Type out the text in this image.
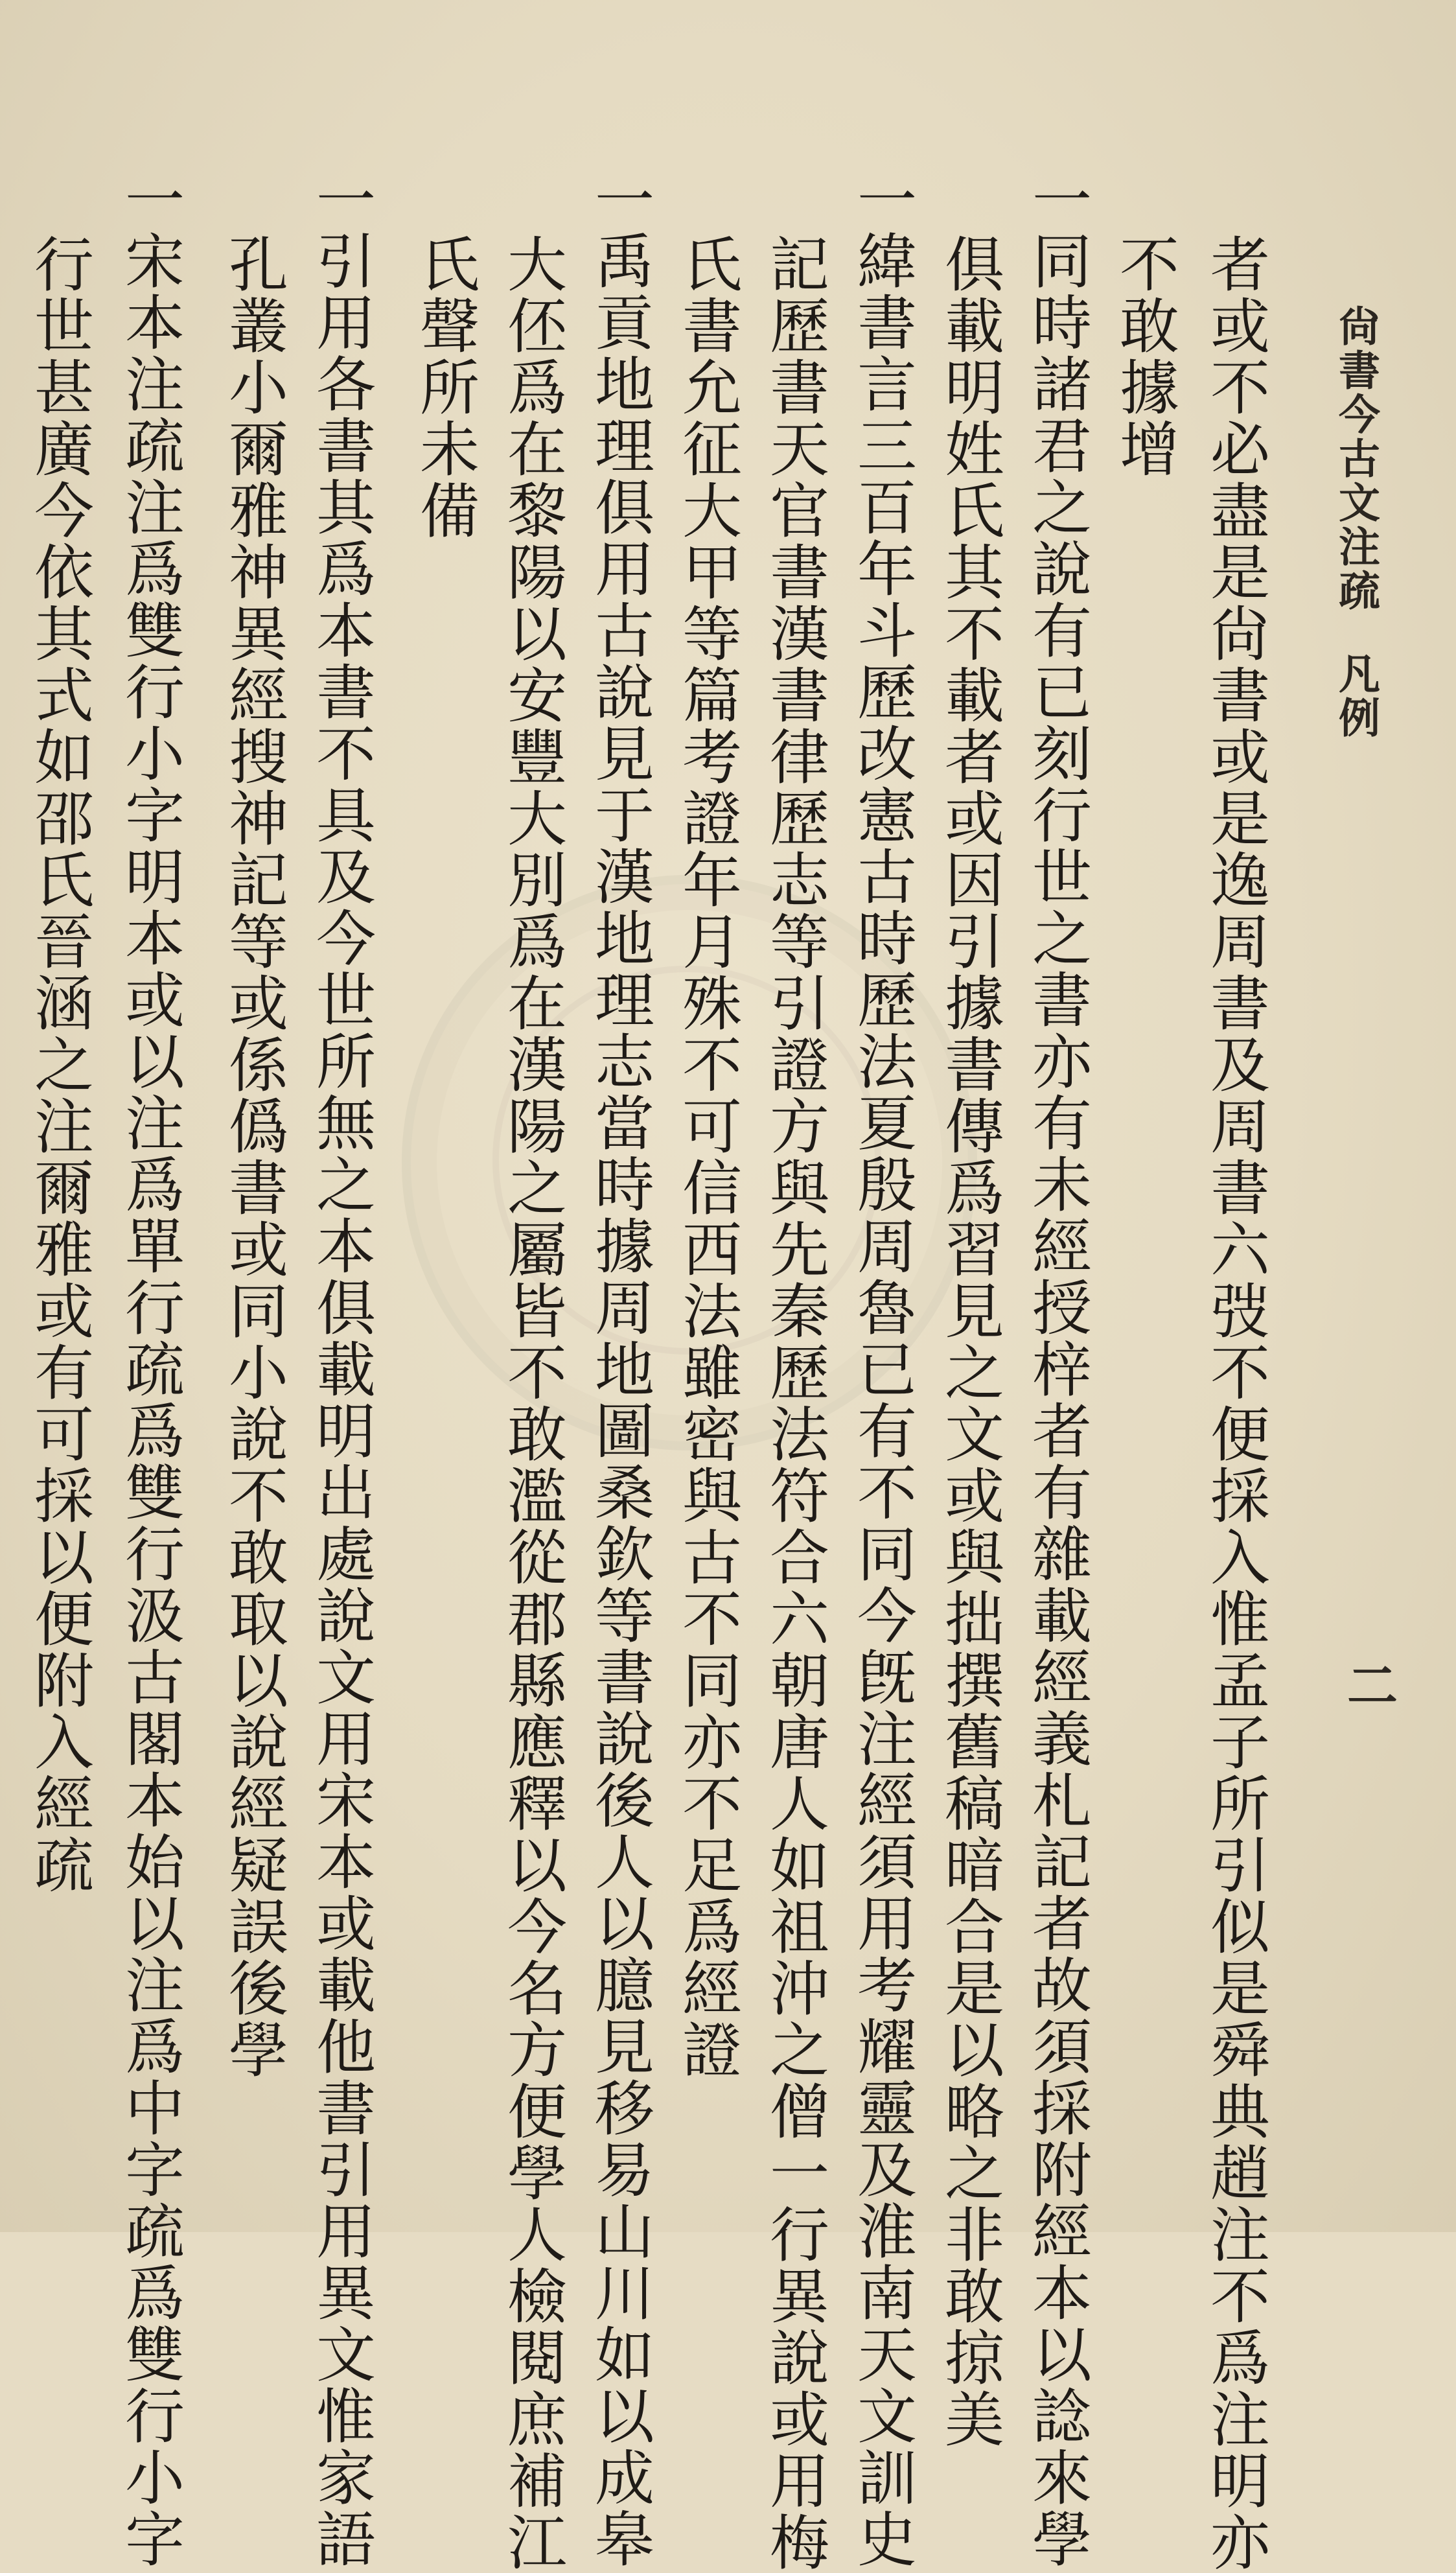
尙書今古文注疏凡例
二
者或不必盡是尙書或是逸周書及周書六弢不便採入惟孟子所引似是舜典趙注不爲注明亦
不敢據增
一同時諸君之說有已刻行世之書亦有未經授梓者有雜載經義札記者故須採附經本以諗來學
俱載明姓氏其不載者或因引據書傳爲習見之文或與拙撰舊稿暗合是以略之非敢掠美
一緯書言三百年斗歷改憲古時歷法夏殷周魯已有不同今旣注經須用考耀靈及淮南天文訓史
記歷書天官書漢書律歷志等引證方與先秦歷法符合六朝唐人如祖沖之僧一行異說或用梅
氏書允征大甲等篇考證年月殊不可信西法雖密與古不同亦不足爲經證
一禹貢地理俱用古說見于漢地理志當時據周地圖桑欽等書說後人以臆見移易山川如以成皋
大伾爲在黎陽以安豐大別爲在漢陽之屬皆不敢濫從郡縣應釋以今名方便學人檢閱庶補江
氏聲所未備
一引用各書其爲本書不具及今世所無之本俱載明出處說文用宋本或載他書引用異文惟家語
孔叢小爾雅神異經搜神記等或係僞書或同小說不敢取以說經疑誤後學
一宋本注疏注爲雙行小字明本或以注爲單行疏爲雙行汲古閣本始以注爲中字疏爲雙行小字
行世甚廣今依其式如邵氏晉涵之注爾雅或有可採以便附入經疏
